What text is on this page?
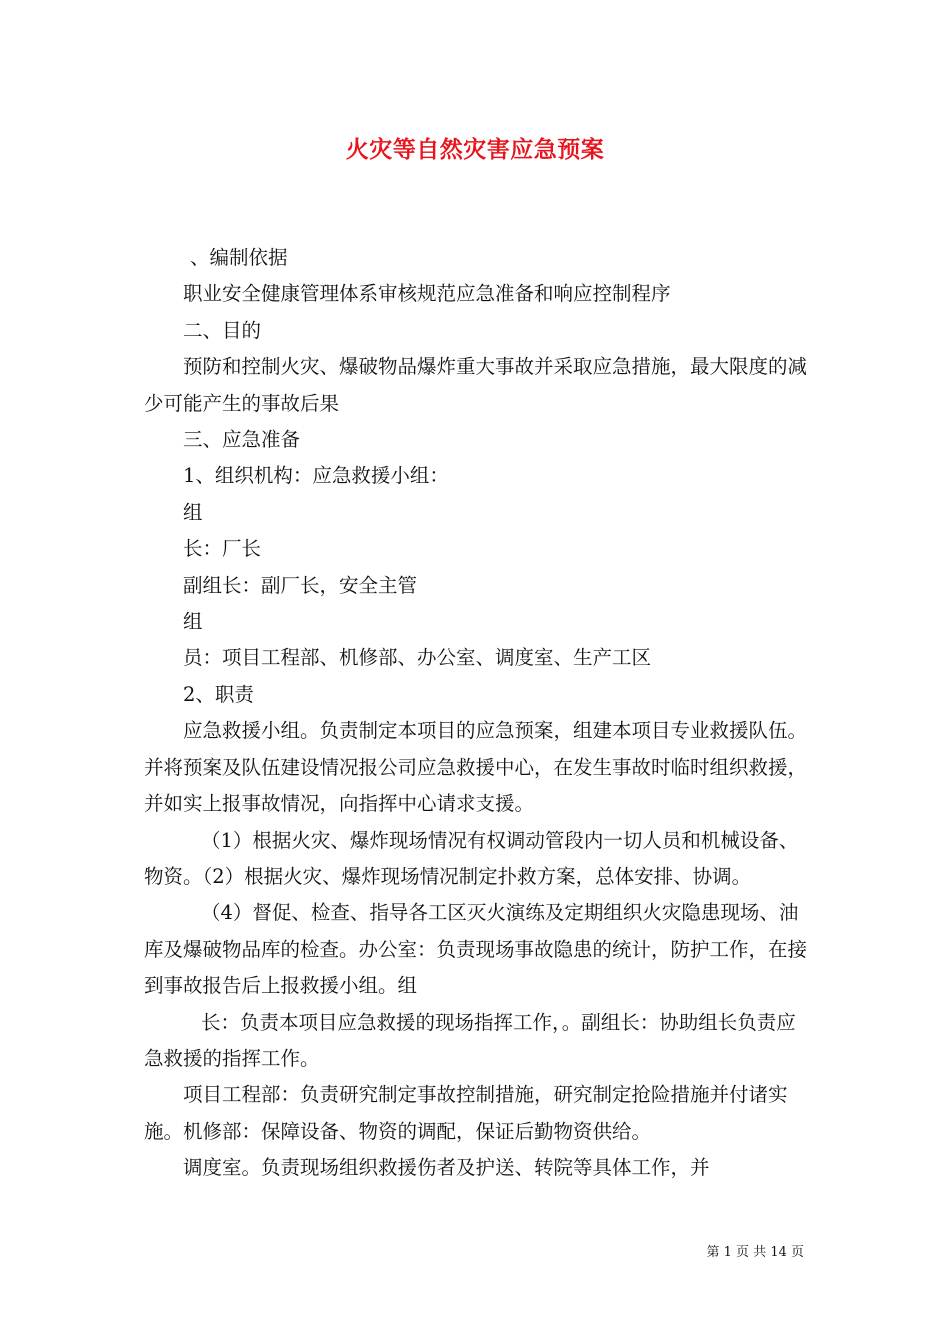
火灾等自然灾害应急预案

、编制依据

职业安全健康管理体系审核规范应急准备和响应控制程序

二、目的

预防和控制火灾、爆破物品爆炸重大事故并采取应急措施，最大限度的减少可能产生的事故后果

三、应急准备

1、组织机构：应急救援小组：

组

长：厂长

副组长：副厂长，安全主管

组

员：项目工程部、机修部、办公室、调度室、生产工区

2、职责

应急救援小组。负责制定本项目的应急预案，组建本项目专业救援队伍。并将预案及队伍建设情况报公司应急救援中心，在发生事故时临时组织救援，并如实上报事故情况，向指挥中心请求支援。

（1）根据火灾、爆炸现场情况有权调动管段内一切人员和机械设备、物资。（2）根据火灾、爆炸现场情况制定扑救方案，总体安排、协调。

（4）督促、检查、指导各工区灭火演练及定期组织火灾隐患现场、油库及爆破物品库的检查。办公室：负责现场事故隐患的统计，防护工作，在接到事故报告后上报救援小组。组

长：负责本项目应急救援的现场指挥工作，。副组长：协助组长负责应急救援的指挥工作。

项目工程部：负责研究制定事故控制措施，研究制定抢险措施并付诸实施。机修部：保障设备、物资的调配，保证后勤物资供给。

调度室。负责现场组织救援伤者及护送、转院等具体工作，并

第 1 页 共 14 页
